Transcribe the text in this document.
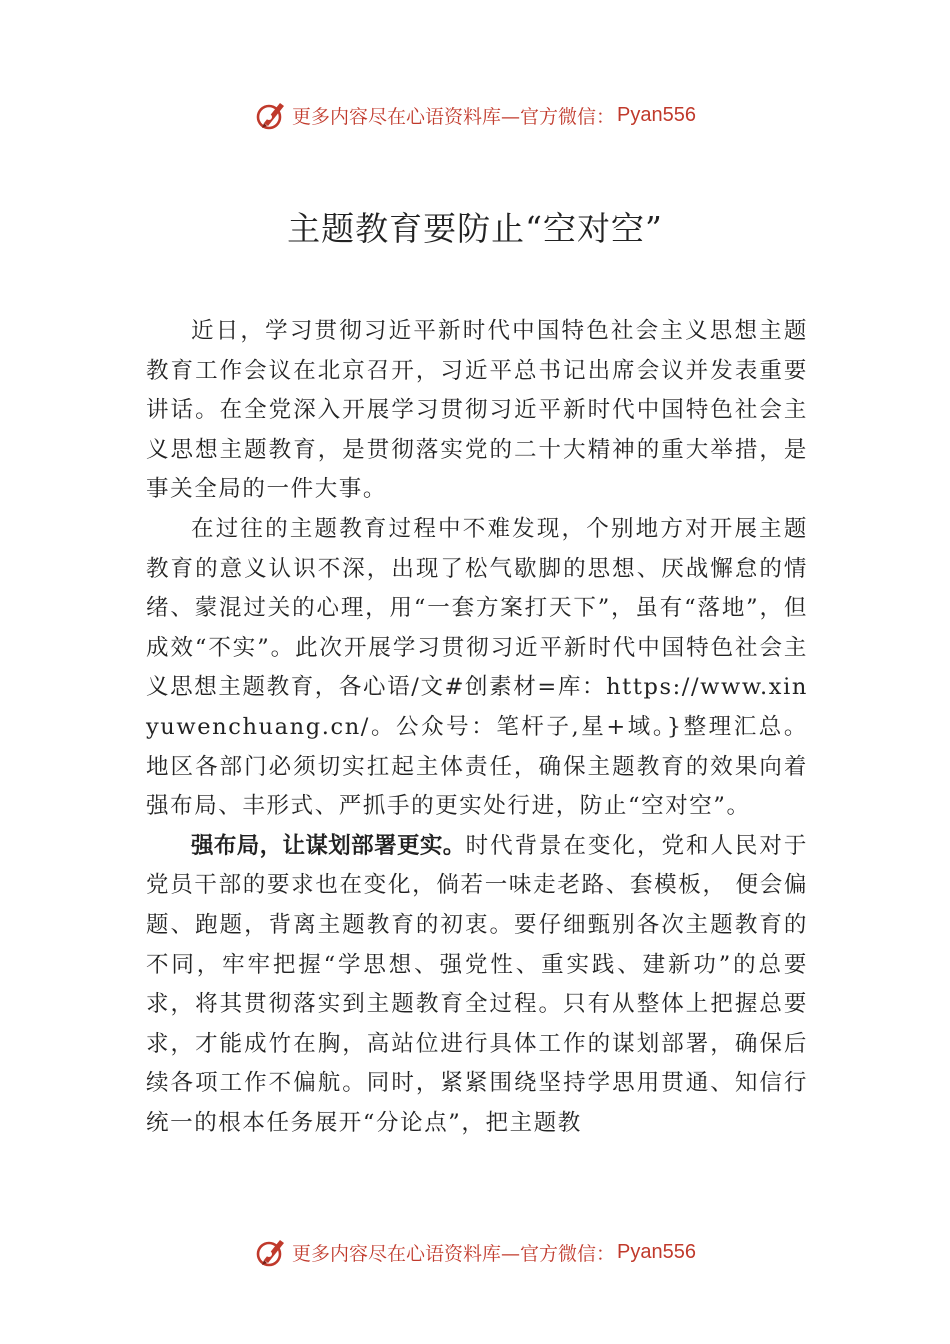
更多内容尽在心语资料库—官方微信： Pyan556
主题教育要防止“空对空”

近日，学习贯彻习近平新时代中国特色社会主义思想主题教育工作会议在北京召开，习近平总书记出席会议并发表重要讲话。在全党深入开展学习贯彻习近平新时代中国特色社会主义思想主题教育，是贯彻落实党的二十大精神的重大举措，是事关全局的一件大事。

在过往的主题教育过程中不难发现，个别地方对开展主题教育的意义认识不深，出现了松气歇脚的思想、厌战懈怠的情绪、蒙混过关的心理，用“一套方案打天下”，虽有“落地”，但成效“不实”。此次开展学习贯彻习近平新时代中国特色社会主义思想主题教育，各心语/文#创素材=库：https://www.xinyuwenchuang.cn/。公众号：笔杆子,星+域。}整理汇总。地区各部门必须切实扛起主体责任，确保主题教育的效果向着强布局、丰形式、严抓手的更实处行进，防止“空对空”。

强布局，让谋划部署更实。时代背景在变化，党和人民对于党员干部的要求也在变化，倘若一味走老路、套模板， 便会偏题、跑题，背离主题教育的初衷。要仔细甄别各次主题教育的不同，牢牢把握“学思想、强党性、重实践、建新功”的总要求，将其贯彻落实到主题教育全过程。只有从整体上把握总要求，才能成竹在胸，高站位进行具体工作的谋划部署，确保后续各项工作不偏航。同时，紧紧围绕坚持学思用贯通、知信行统一的根本任务展开“分论点”，把主题教

更多内容尽在心语资料库—官方微信： Pyan556
